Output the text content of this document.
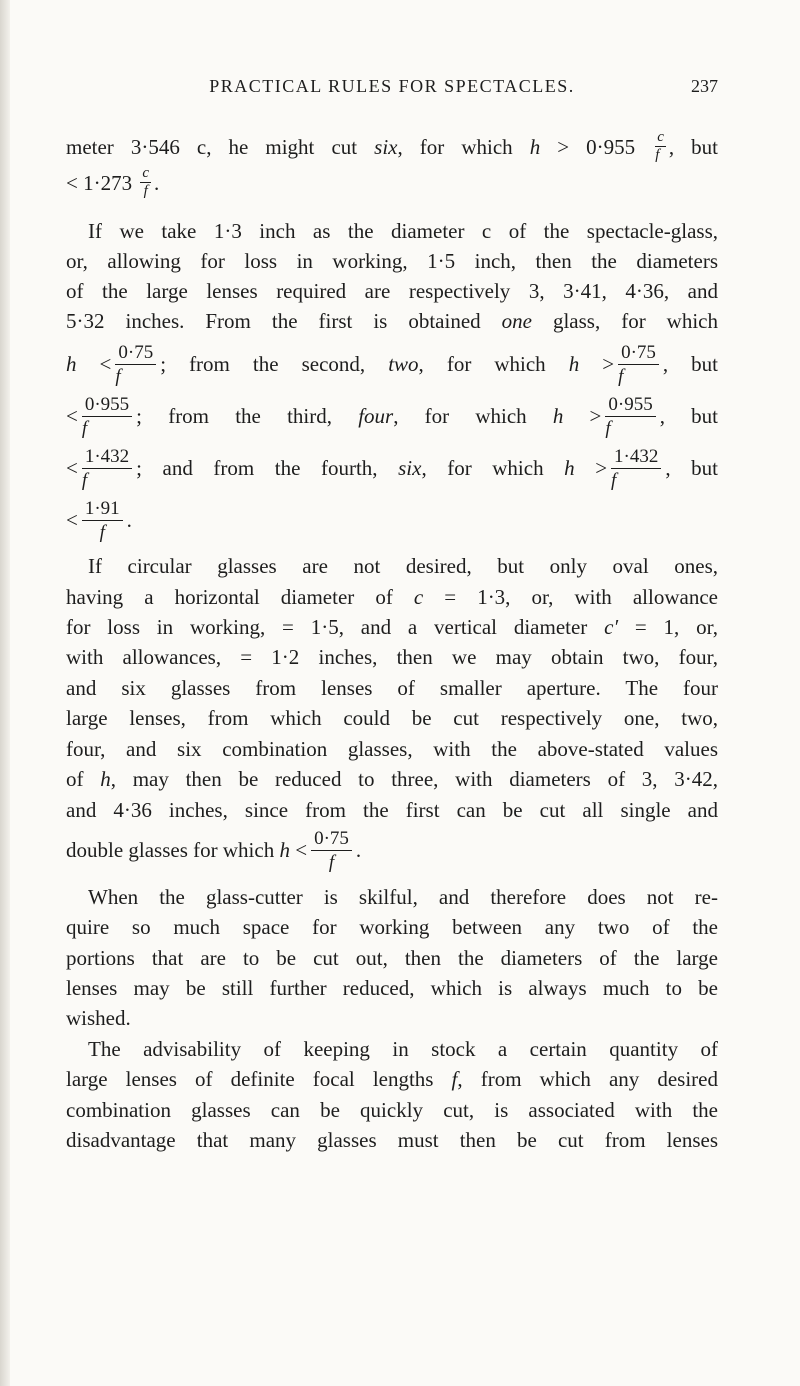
PRACTICAL RULES FOR SPECTACLES.	237
meter 3·546 c, he might cut six, for which $h > 0\cdot 955 \frac{c}{f}$ , but
< $1\cdot 273 \frac{c}{f}$ .
If we take 1·3 inch as the diameter c of the spectacle-glass,
or, allowing for loss in working, 1·5 inch, then the diameters
of the large lenses required are respectively 3, 3·41, 4·36, and
5·32 inches. From the first is obtained one glass, for which
$h < \frac{0\cdot 75}{f}$ ; from the second, two, for which $h > \frac{0\cdot 75}{f}$ , but
< $\frac{0\cdot 955}{f}$ ; from the third, four, for which $h > \frac{0\cdot 955}{f}$ , but
< $\frac{1\cdot 432}{f}$ ; and from the fourth, six, for which $h > \frac{1\cdot 432}{f}$ , but
< $\frac{1\cdot 91}{f}$ .
If circular glasses are not desired, but only oval ones,
having a horizontal diameter of c = 1·3, or, with allowance
for loss in working, = 1·5, and a vertical diameter c′ = 1, or,
with allowances, = 1·2 inches, then we may obtain two, four,
and six glasses from lenses of smaller aperture. The four
large lenses, from which could be cut respectively one, two,
four, and six combination glasses, with the above-stated values
of h, may then be reduced to three, with diameters of 3, 3·42,
and 4·36 inches, since from the first can be cut all single and
double glasses for which $h < \frac{0\cdot 75}{f}$ .
When the glass-cutter is skilful, and therefore does not re-
quire so much space for working between any two of the
portions that are to be cut out, then the diameters of the large
lenses may be still further reduced, which is always much to be
wished.
The advisability of keeping in stock a certain quantity of
large lenses of definite focal lengths f, from which any desired
combination glasses can be quickly cut, is associated with the
disadvantage that many glasses must then be cut from lenses
